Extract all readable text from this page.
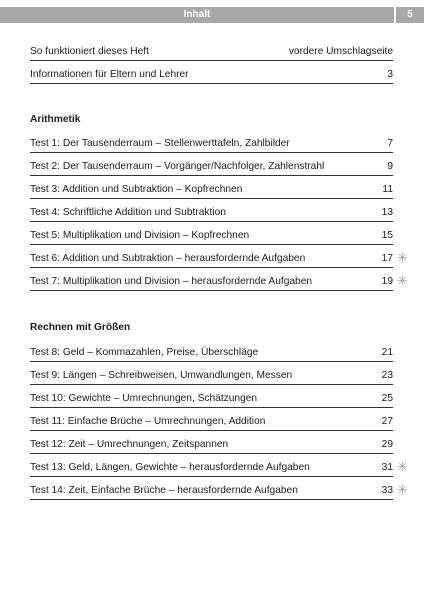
Inhalt	5
So funktioniert dieses Heft	vordere Umschlagseite
Informationen für Eltern und Lehrer	3
Arithmetik
Test 1: Der Tausenderraum – Stellenwerttafeln, Zahlbilder	7
Test 2: Der Tausenderraum – Vorgänger/Nachfolger, Zahlenstrahl	9
Test 3: Addition und Subtraktion – Kopfrechnen	11
Test 4: Schriftliche Addition und Subtraktion	13
Test 5: Multiplikation und Division – Kopfrechnen	15
Test 6: Addition und Subtraktion – herausfordernde Aufgaben	17 ✳
Test 7: Multiplikation und Division – herausfordernde Aufgaben	19 ✳
Rechnen mit Größen
Test 8: Geld – Kommazahlen, Preise, Überschläge	21
Test 9: Längen – Schreibweisen, Umwandlungen, Messen	23
Test 10: Gewichte – Umrechnungen, Schätzungen	25
Test 11: Einfache Brüche – Umrechnungen, Addition	27
Test 12: Zeit – Umrechnungen, Zeitspannen	29
Test 13: Geld, Längen, Gewichte – herausfordernde Aufgaben	31 ✳
Test 14: Zeit, Einfache Brüche – herausfordernde Aufgaben	33 ✳
